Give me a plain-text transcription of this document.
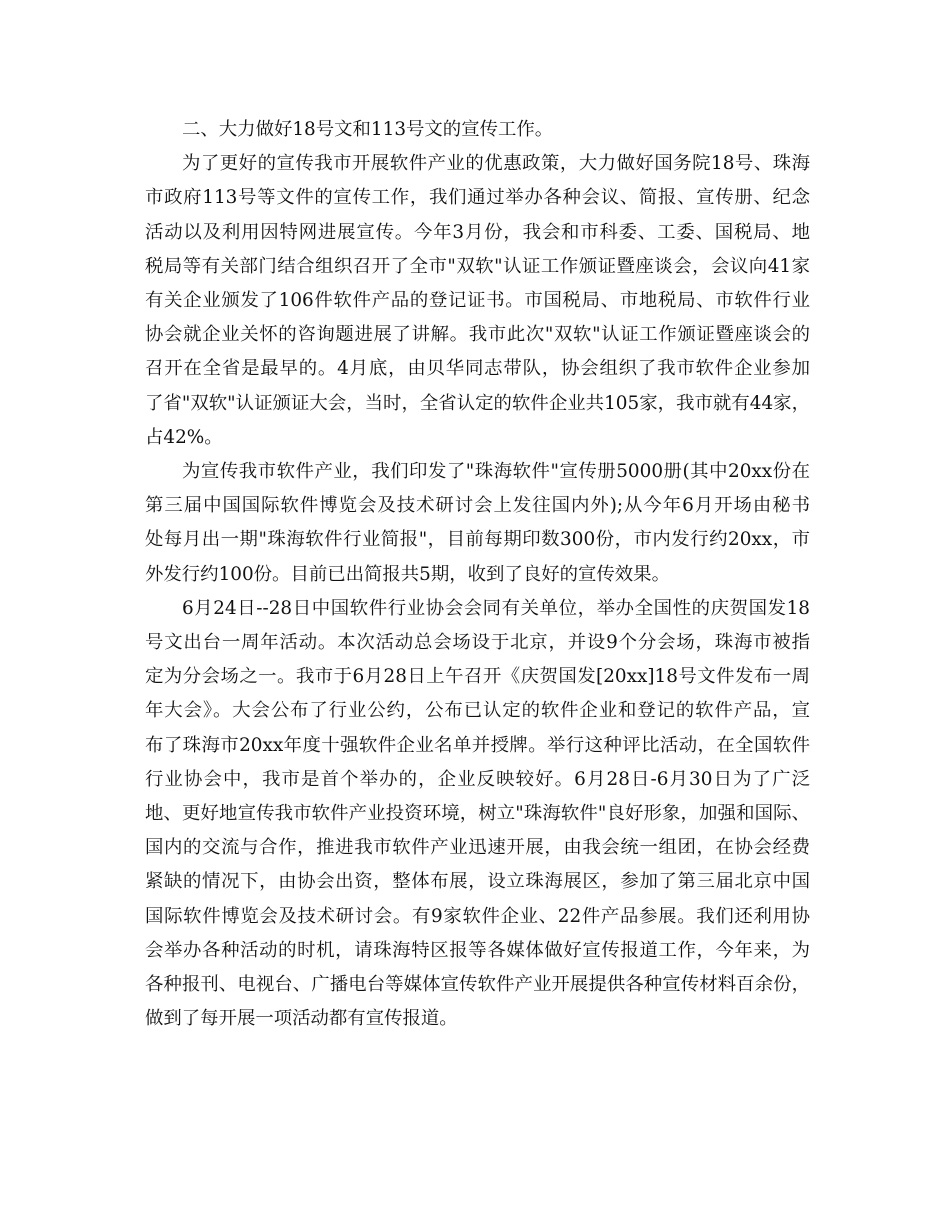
二、大力做好18号文和113号文的宣传工作。
为了更好的宣传我市开展软件产业的优惠政策，大力做好国务院18号、珠海
市政府113号等文件的宣传工作，我们通过举办各种会议、简报、宣传册、纪念
活动以及利用因特网进展宣传。今年3月份，我会和市科委、工委、国税局、地
税局等有关部门结合组织召开了全市"双软"认证工作颁证暨座谈会，会议向41家
有关企业颁发了106件软件产品的登记证书。市国税局、市地税局、市软件行业
协会就企业关怀的咨询题进展了讲解。我市此次"双软"认证工作颁证暨座谈会的
召开在全省是最早的。4月底，由贝华同志带队，协会组织了我市软件企业参加
了省"双软"认证颁证大会，当时，全省认定的软件企业共105家，我市就有44家，
占42%。
为宣传我市软件产业，我们印发了"珠海软件"宣传册5000册(其中20xx份在
第三届中国国际软件博览会及技术研讨会上发往国内外);从今年6月开场由秘书
处每月出一期"珠海软件行业简报"，目前每期印数300份，市内发行约20xx，市
外发行约100份。目前已出简报共5期，收到了良好的宣传效果。
6月24日--28日中国软件行业协会会同有关单位，举办全国性的庆贺国发18
号文出台一周年活动。本次活动总会场设于北京，并设9个分会场，珠海市被指
定为分会场之一。我市于6月28日上午召开《庆贺国发[20xx]18号文件发布一周
年大会》。大会公布了行业公约，公布已认定的软件企业和登记的软件产品，宣
布了珠海市20xx年度十强软件企业名单并授牌。举行这种评比活动，在全国软件
行业协会中，我市是首个举办的，企业反映较好。6月28日-6月30日为了广泛
地、更好地宣传我市软件产业投资环境，树立"珠海软件"良好形象，加强和国际、
国内的交流与合作，推进我市软件产业迅速开展，由我会统一组团，在协会经费
紧缺的情况下，由协会出资，整体布展，设立珠海展区，参加了第三届北京中国
国际软件博览会及技术研讨会。有9家软件企业、22件产品参展。我们还利用协
会举办各种活动的时机，请珠海特区报等各媒体做好宣传报道工作，今年来，为
各种报刊、电视台、广播电台等媒体宣传软件产业开展提供各种宣传材料百余份，
做到了每开展一项活动都有宣传报道。
